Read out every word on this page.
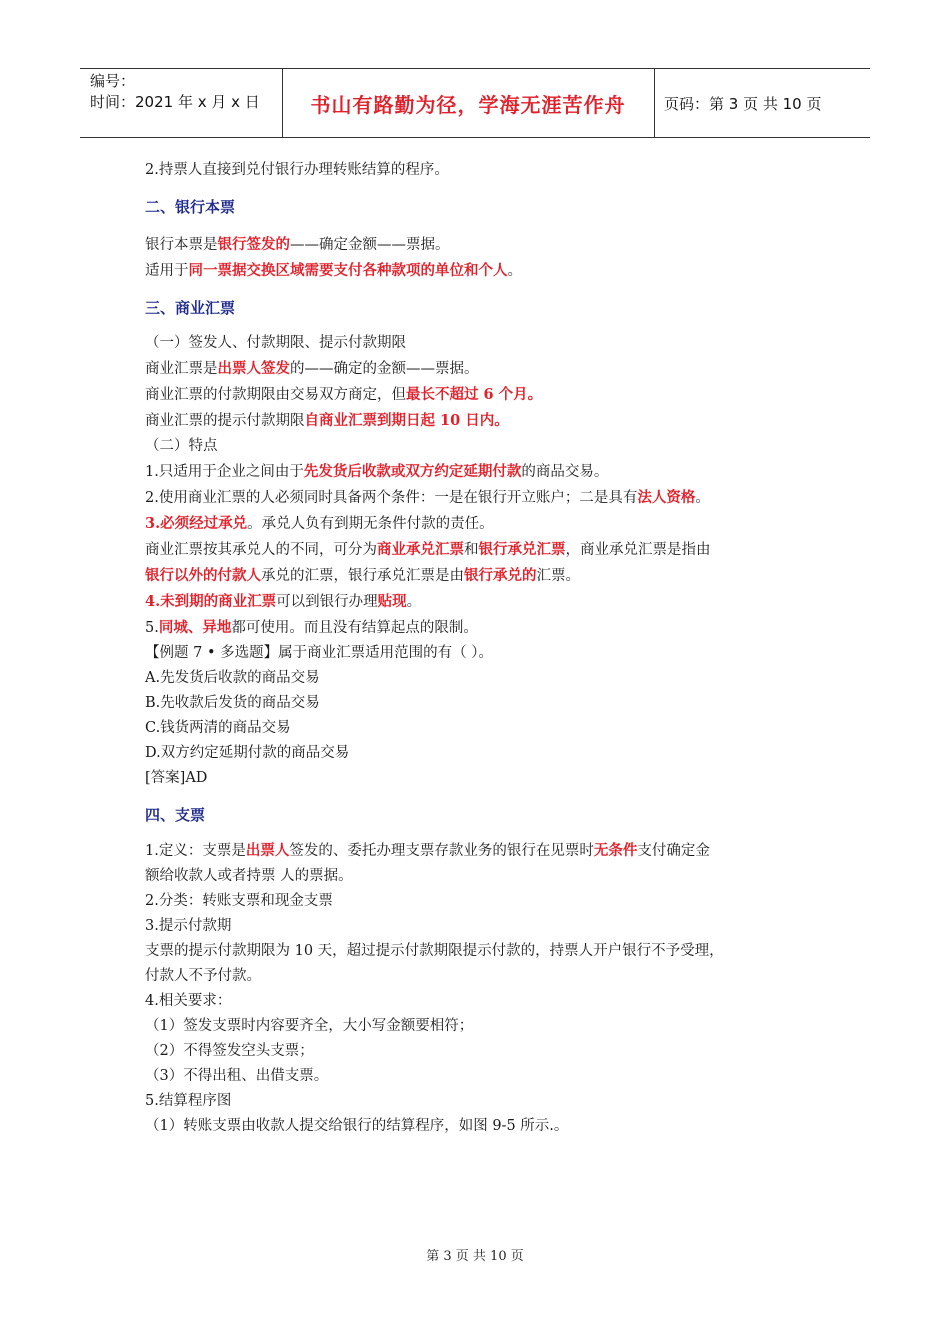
编号：
时间：2021 年 x 月 x 日	书山有路勤为径，学海无涯苦作舟	页码：第 3 页 共 10 页
2.持票人直接到兑付银行办理转账结算的程序。
二、银行本票
银行本票是银行签发的——确定金额——票据。
适用于同一票据交换区域需要支付各种款项的单位和个人。
三、商业汇票
（一）签发人、付款期限、提示付款期限
商业汇票是出票人签发的——确定的金额——票据。
商业汇票的付款期限由交易双方商定，但最长不超过 6 个月。
商业汇票的提示付款期限自商业汇票到期日起 10 日内。
（二）特点
1.只适用于企业之间由于先发货后收款或双方约定延期付款的商品交易。
2.使用商业汇票的人必须同时具备两个条件：一是在银行开立账户；二是具有法人资格。
3.必须经过承兑。承兑人负有到期无条件付款的责任。
商业汇票按其承兑人的不同，可分为商业承兑汇票和银行承兑汇票，商业承兑汇票是指由
银行以外的付款人承兑的汇票，银行承兑汇票是由银行承兑的汇票。
4.未到期的商业汇票可以到银行办理贴现。
5.同城、异地都可使用。而且没有结算起点的限制。
【例题 7 • 多选题】属于商业汇票适用范围的有（ ）。
A.先发货后收款的商品交易
B.先收款后发货的商品交易
C.钱货两清的商品交易
D.双方约定延期付款的商品交易
[答案]AD
四、支票
1.定义：支票是出票人签发的、委托办理支票存款业务的银行在见票时无条件支付确定金
额给收款人或者持票 人的票据。
2.分类：转账支票和现金支票
3.提示付款期
支票的提示付款期限为 10 天，超过提示付款期限提示付款的，持票人开户银行不予受理，
付款人不予付款。
4.相关要求：
（1）签发支票时内容要齐全，大小写金额要相符；
（2）不得签发空头支票；
（3）不得出租、出借支票。
5.结算程序图
（1）转账支票由收款人提交给银行的结算程序，如图 9-5 所示.。
第 3 页 共 10 页
